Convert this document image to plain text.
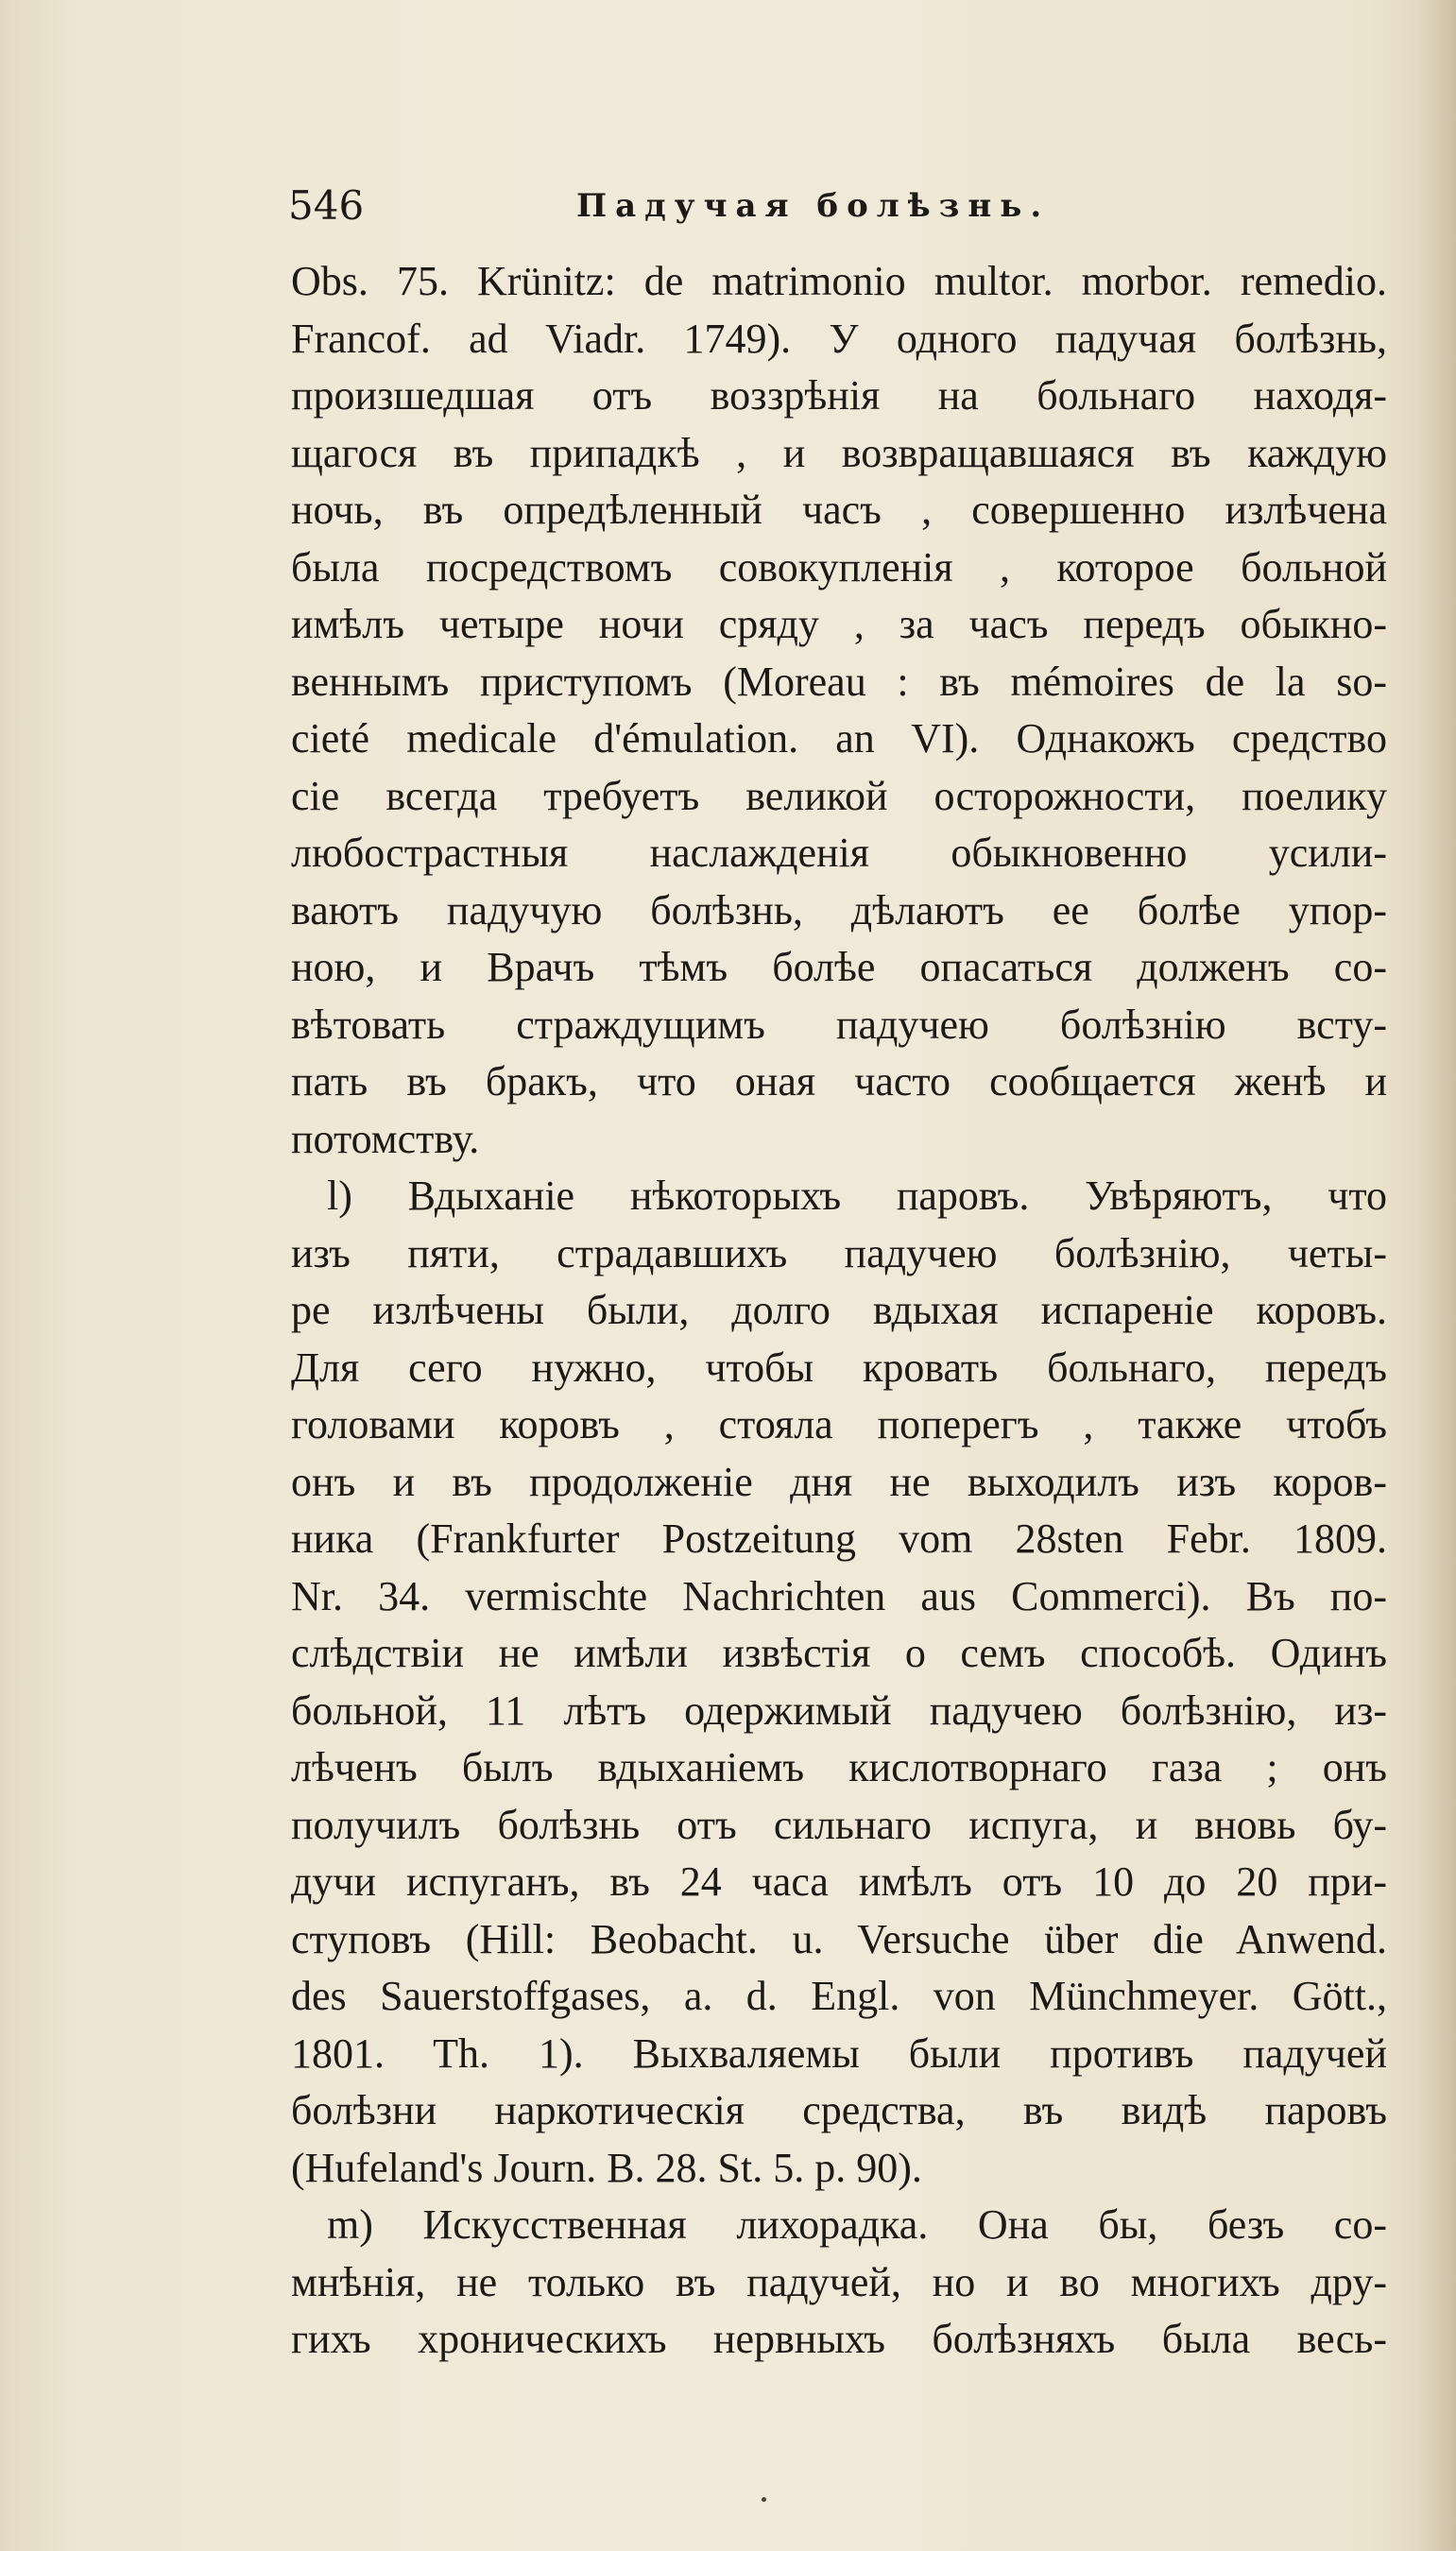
546	Падучая болѣзнь.
Obs. 75. Krünitz: de matrimonio multor. morbor. remedio.
Francof. ad Viadr. 1749). У одного падучая болѣзнь,
произшедшая отъ воззрѣнія на больнаго находя-
щагося въ припадкѣ , и возвращавшаяся въ каждую
ночь, въ опредѣленный часъ , совершенно излѣчена
была посредствомъ совокупленія , которое больной
имѣлъ четыре ночи сряду , за часъ передъ обыкно-
веннымъ приступомъ (Moreau : въ mémoires de la so-
cieté medicale d'émulation. an VI). Однакожъ средство
сіе всегда требуетъ великой осторожности, поелику
любострастныя наслажденія обыкновенно усили-
ваютъ падучую болѣзнь, дѣлаютъ ее болѣе упор-
ною, и Врачъ тѣмъ болѣе опасаться долженъ со-
вѣтовать страждущимъ падучею болѣзнію всту-
пать въ бракъ, что оная часто сообщается женѣ и
потомству.
l) Вдыханіе нѣкоторыхъ паровъ. Увѣряютъ, что
изъ пяти, страдавшихъ падучею болѣзнію, четы-
ре излѣчены были, долго вдыхая испареніе коровъ.
Для сего нужно, чтобы кровать больнаго, передъ
головами коровъ , стояла поперегъ , также чтобъ
онъ и въ продолженіе дня не выходилъ изъ коров-
ника (Frankfurter Postzeitung vom 28sten Febr. 1809.
Nr. 34. vermischte Nachrichten aus Commerci). Въ по-
слѣдствіи не имѣли извѣстія о семъ способѣ. Одинъ
больной, 11 лѣтъ одержимый падучею болѣзнію, из-
лѣченъ былъ вдыханіемъ кислотворнаго газа ; онъ
получилъ болѣзнь отъ сильнаго испуга, и вновь бу-
дучи испуганъ, въ 24 часа имѣлъ отъ 10 до 20 при-
ступовъ (Hill: Beobacht. u. Versuche über die Anwend.
des Sauerstoffgases, a. d. Engl. von Münchmeyer. Gött.,
1801. Th. 1). Выхваляемы были противъ падучей
болѣзни наркотическія средства, въ видѣ паровъ
(Hufeland's Journ. B. 28. St. 5. p. 90).
m) Искусственная лихорадка. Она бы, безъ со-
мнѣнія, не только въ падучей, но и во многихъ дру-
гихъ хроническихъ нервныхъ болѣзняхъ была весь-
